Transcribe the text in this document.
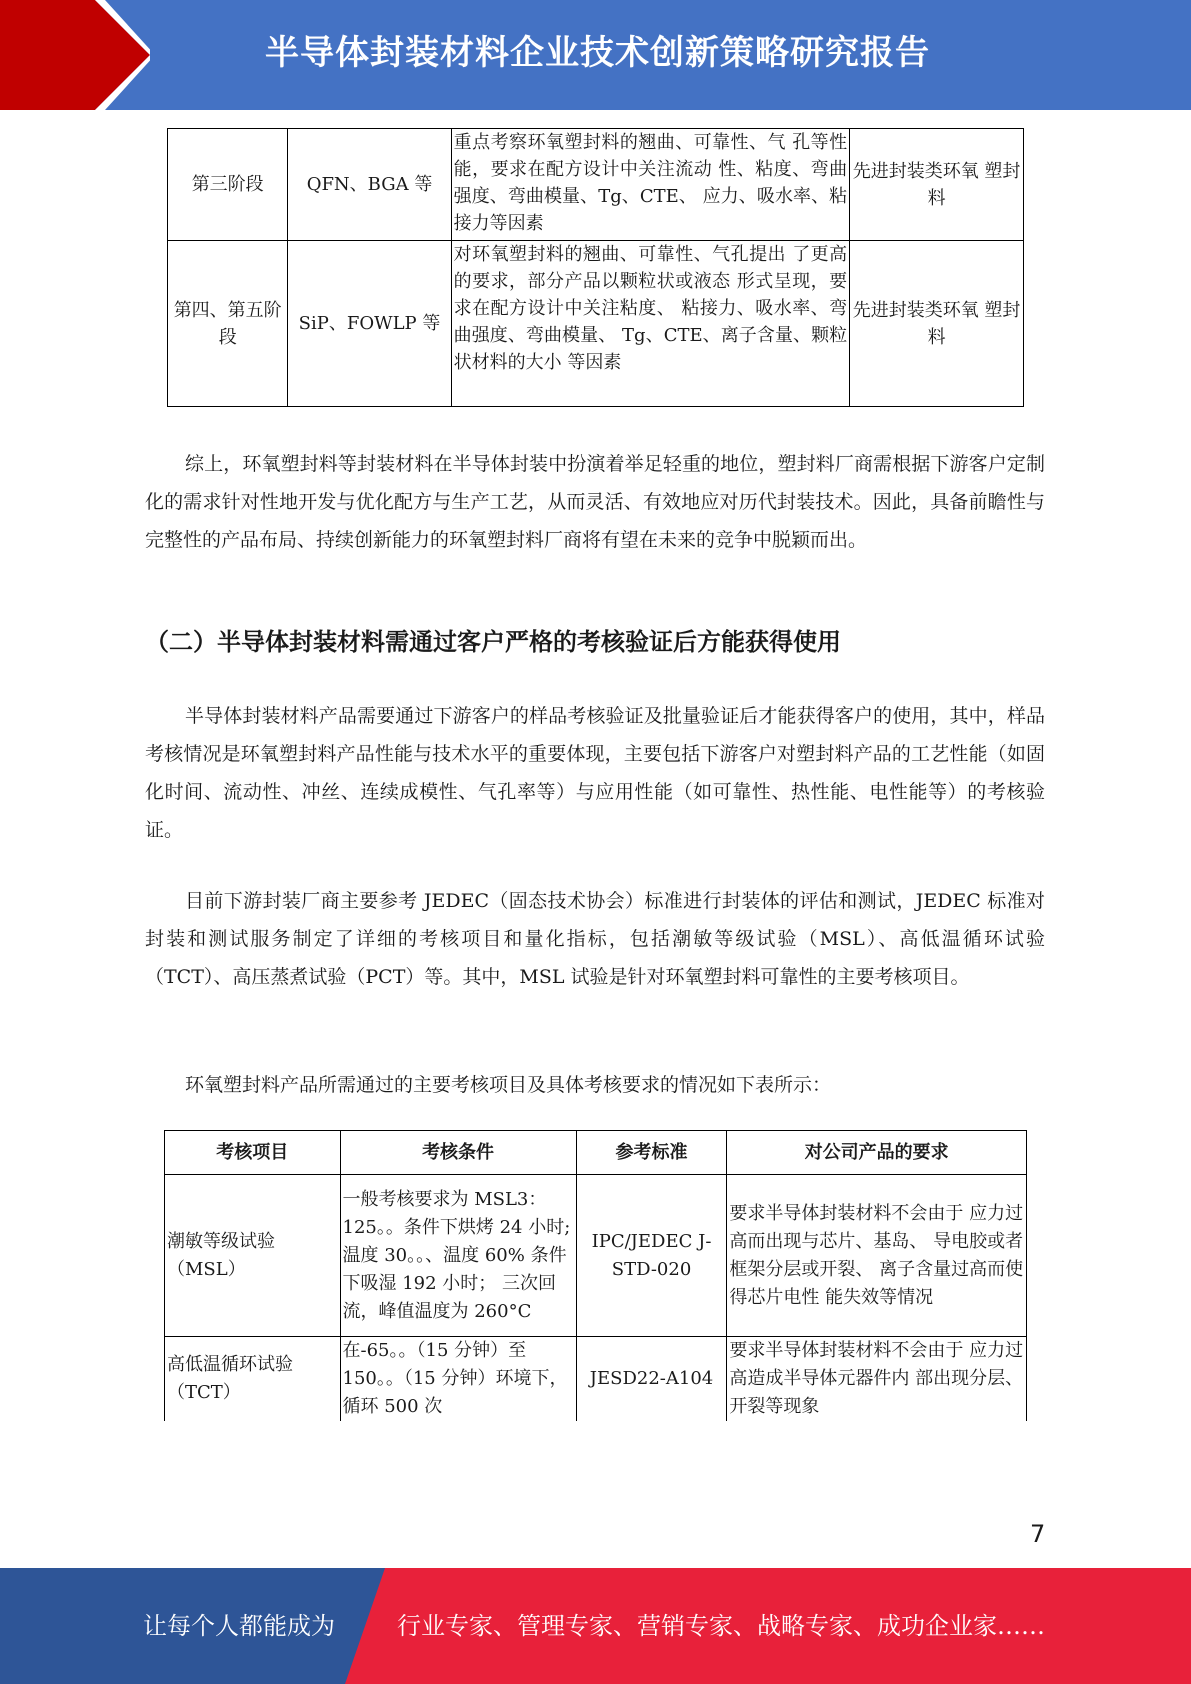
半导体封装材料企业技术创新策略研究报告
第三阶段	QFN、BGA 等	重点考察环氧塑封料的翘曲、可靠性、气 孔等性能，要求在配方设计中关注流动 性、粘度、弯曲强度、弯曲模量、Tg、CTE、 应力、吸水率、粘接力等因素	先进封装类环氧 塑封料
第四、第五阶段	SiP、FOWLP 等	对环氧塑封料的翘曲、可靠性、气孔提出 了更高的要求，部分产品以颗粒状或液态 形式呈现，要求在配方设计中关注粘度、 粘接力、吸水率、弯曲强度、弯曲模量、 Tg、CTE、离子含量、颗粒状材料的大小 等因素	先进封装类环氧 塑封料

综上，环氧塑封料等封装材料在半导体封装中扮演着举足轻重的地位，塑封料厂商需根据下游客户定制化的需求针对性地开发与优化配方与生产工艺，从而灵活、有效地应对历代封装技术。因此，具备前瞻性与完整性的产品布局、持续创新能力的环氧塑封料厂商将有望在未来的竞争中脱颖而出。

（二）半导体封装材料需通过客户严格的考核验证后方能获得使用

半导体封装材料产品需要通过下游客户的样品考核验证及批量验证后才能获得客户的使用，其中，样品考核情况是环氧塑封料产品性能与技术水平的重要体现，主要包括下游客户对塑封料产品的工艺性能（如固化时间、流动性、冲丝、连续成模性、气孔率等）与应用性能（如可靠性、热性能、电性能等）的考核验证。

目前下游封装厂商主要参考 JEDEC（固态技术协会）标准进行封装体的评估和测试，JEDEC 标准对封装和测试服务制定了详细的考核项目和量化指标，包括潮敏等级试验（MSL）、高低温循环试验（TCT）、高压蒸煮试验（PCT）等。其中，MSL 试验是针对环氧塑封料可靠性的主要考核项目。

环氧塑封料产品所需通过的主要考核项目及具体考核要求的情况如下表所示：

考核项目	考核条件	参考标准	对公司产品的要求
潮敏等级试验（MSL）	一般考核要求为 MSL3：125。。条件下烘烤 24 小时;温度 30。。、温度 60% 条件下吸湿 192 小时； 三次回流，峰值温度为 260°C	IPC/JEDEC J-STD-020	要求半导体封装材料不会由于 应力过高而出现与芯片、基岛、 导电胶或者框架分层或开裂、 离子含量过高而使得芯片电性 能失效等情况
高低温循环试验（TCT）	在-65。。（15 分钟）至 150。。（15 分钟）环境下，循环 500 次	JESD22-A104	要求半导体封装材料不会由于 应力过高造成半导体元器件内 部出现分层、开裂等现象
7
让每个人都能成为	行业专家、管理专家、营销专家、战略专家、成功企业家……
